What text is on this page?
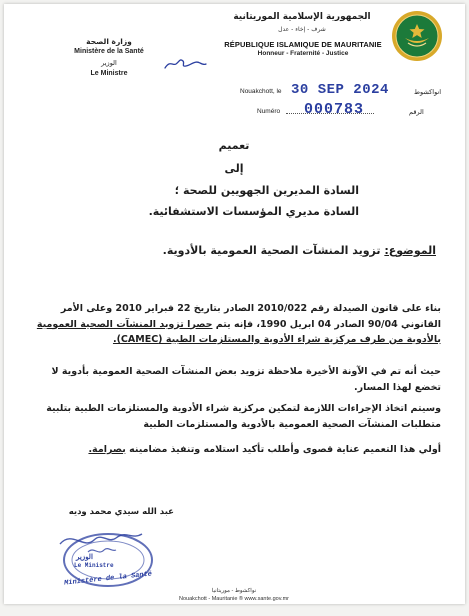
الجمهورية الإسلامية الموريتانية
شرف - إخاء - عدل
RÉPUBLIQUE ISLAMIQUE DE MAURITANIE
Honneur - Fraternité - Justice
وزارة الصحة
Ministère de la Santé
الوزير
Le Ministre
Nouakchott, le 30 SEP 2024	انواكشوط
Numéro 000783	الرقم
تعميم
إلى
السادة المديرين الجهويين للصحة ؛
السادة مديري المؤسسات الاستشفائية.
الموضوع: تزويد المنشآت الصحية العمومية بالأدوية.
بناء على قانون الصيدلة رقم 2010/022 الصادر بتاريخ 22 فبراير 2010 وعلى الأمر
القانوني 90/04 الصادر 04 ابريل 1990، فإنه يتم حصرا تزويد المنشآت الصحية العمومية
بالأدوية من طرف مركزية شراء الأدوية والمستلزمات الطبية (CAMEC).
حيث أنه تم في الآونة الأخيرة ملاحظة تزويد بعض المنشآت الصحية العمومية بأدوية لا
تخضع لهذا المسار.
وسيتم اتخاذ الإجراءات اللازمة لتمكين مركزية شراء الأدوية والمستلزمات الطبية بتلبية
متطلبات المنشآت الصحية العمومية بالأدوية والمستلزمات الطبية
أولي هذا التعميم عناية قصوى وأطلب تأكيد استلامه وتنفيذ مضامينه بصرامة.
عبد الله سيدي محمد وديه
الوزير
Le Ministre
Ministère de la Santé
نواكشوط - موريتانيا
Nouakchott - Mauritanie ® www.sante.gov.mr
